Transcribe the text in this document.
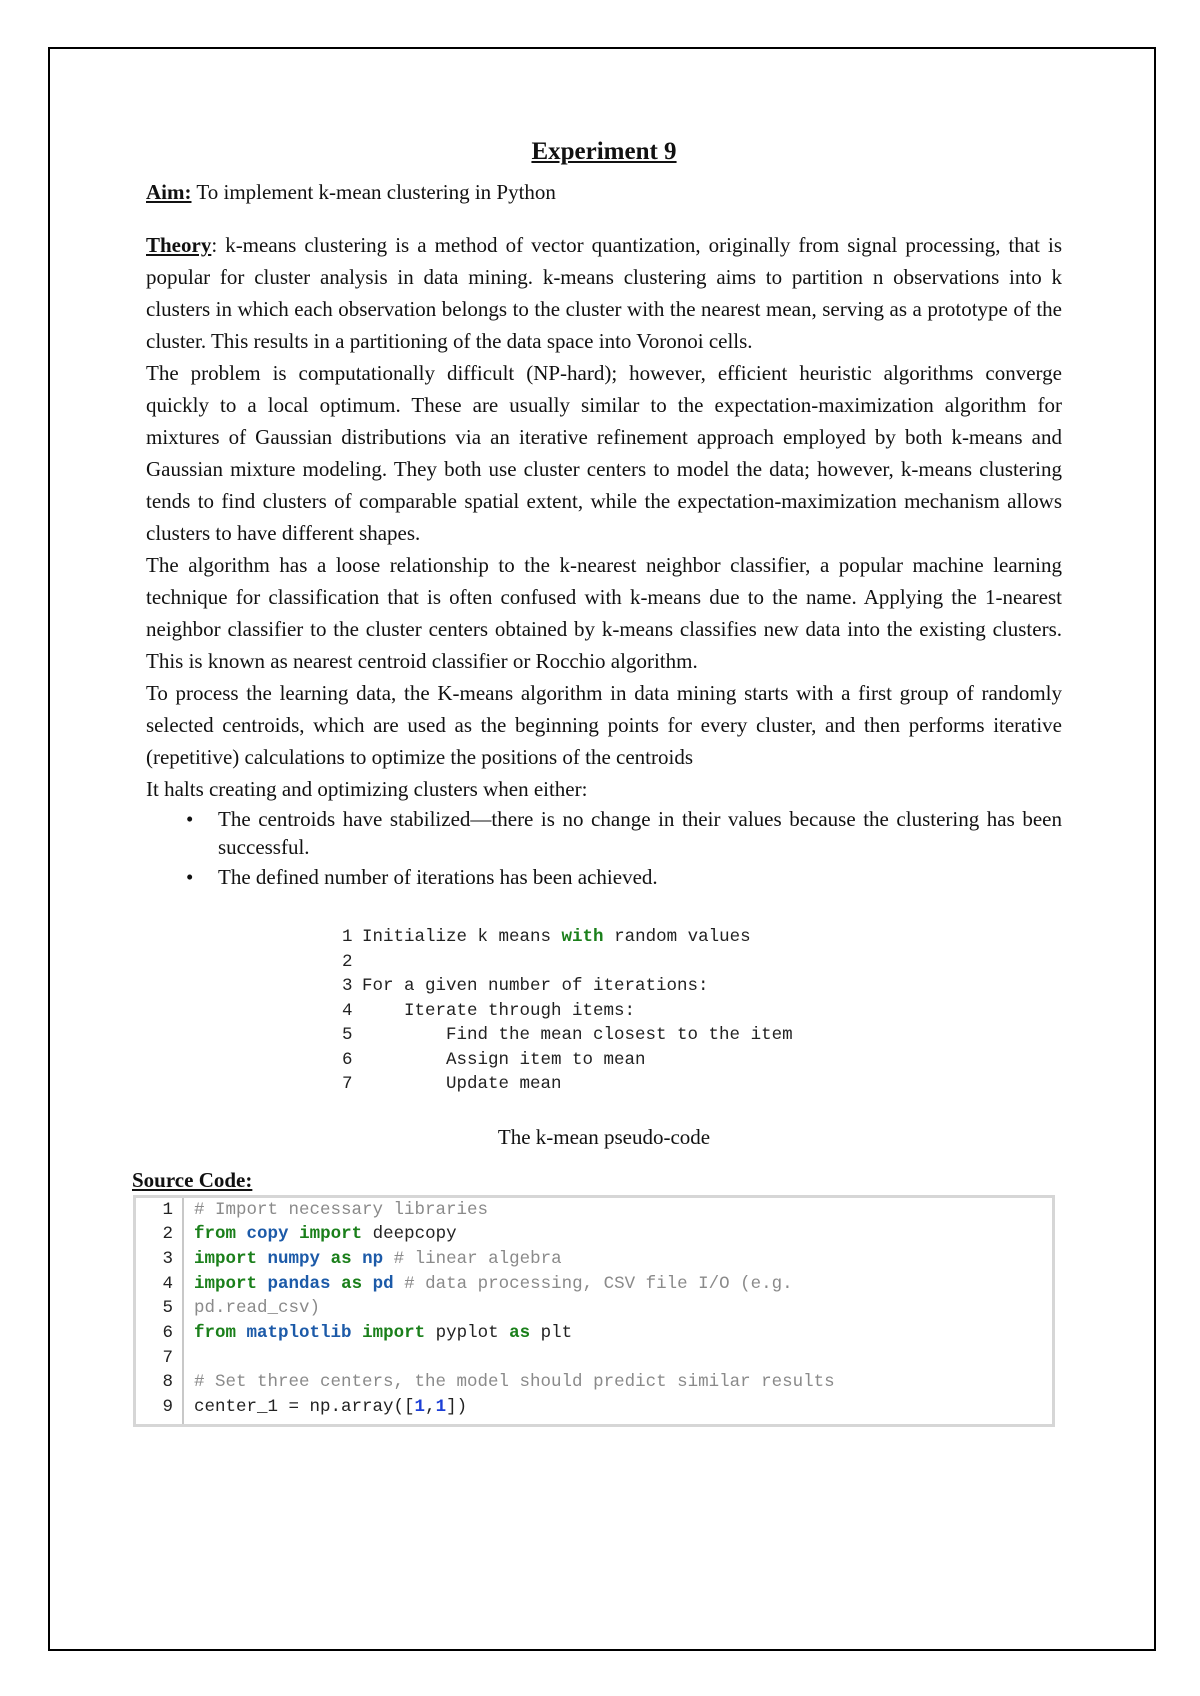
Experiment 9

Aim: To implement k-mean clustering in Python

Theory: k-means clustering is a method of vector quantization, originally from signal processing, that is popular for cluster analysis in data mining. k-means clustering aims to partition n observations into k clusters in which each observation belongs to the cluster with the nearest mean, serving as a prototype of the cluster. This results in a partitioning of the data space into Voronoi cells.

The problem is computationally difficult (NP-hard); however, efficient heuristic algorithms converge quickly to a local optimum. These are usually similar to the expectation-maximization algorithm for mixtures of Gaussian distributions via an iterative refinement approach employed by both k-means and Gaussian mixture modeling. They both use cluster centers to model the data; however, k-means clustering tends to find clusters of comparable spatial extent, while the expectation-maximization mechanism allows clusters to have different shapes.

The algorithm has a loose relationship to the k-nearest neighbor classifier, a popular machine learning technique for classification that is often confused with k-means due to the name. Applying the 1-nearest neighbor classifier to the cluster centers obtained by k-means classifies new data into the existing clusters. This is known as nearest centroid classifier or Rocchio algorithm.

To process the learning data, the K-means algorithm in data mining starts with a first group of randomly selected centroids, which are used as the beginning points for every cluster, and then performs iterative (repetitive) calculations to optimize the positions of the centroids

It halts creating and optimizing clusters when either:

• The centroids have stabilized—there is no change in their values because the clustering has been successful.
• The defined number of iterations has been achieved.
1 Initialize k means with random values
2
3 For a given number of iterations:
4    Iterate through items:
5        Find the mean closest to the item
6        Assign item to mean
7        Update mean
The k-mean pseudo-code
Source Code:
1
2
3
4
5
6
7
8
9
# Import necessary libraries
from copy import deepcopy
import numpy as np # linear algebra
import pandas as pd # data processing, CSV file I/O (e.g.
pd.read_csv)
from matplotlib import pyplot as plt
# Set three centers, the model should predict similar results
center_1 = np.array([1,1])
